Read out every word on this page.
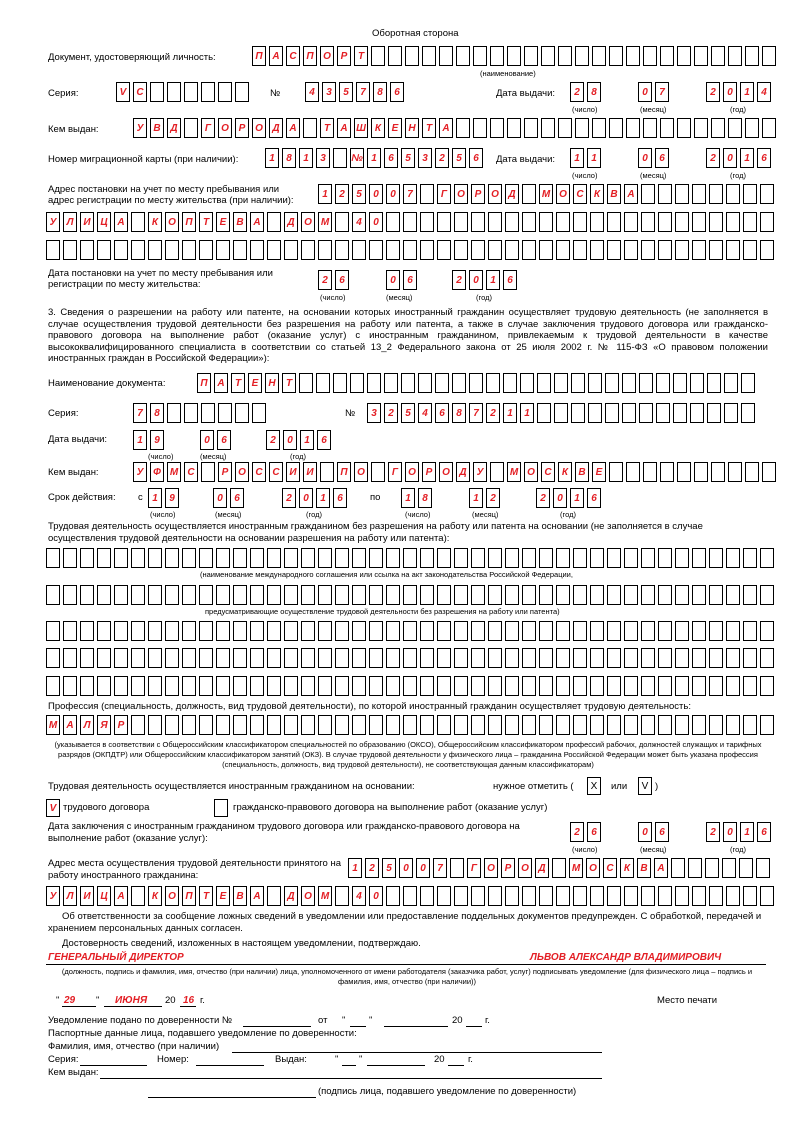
Оборотная сторона
Документ, удостоверяющий личность:	П А С П О Р	Т
(наименование)
Серия:	V	C	№	4	3	5	7	8	6	Дата выдачи:	2	8	0	7	2	0	1	4
(число)	(месяц)	(год)
Кем выдан:	У В Д	Г	О Р О Д А	Т	А Ш К	Е	Н	Т	А
Номер миграционной карты (при наличии):	1	8	1	3	№ 1	6	5	3	2	5	6	Дата выдачи:	1	1	0	6	2	0	1	6
(число)	(месяц)	(год)
Адрес постановки на учет по месту пребывания или адрес регистрации по месту жительства (при наличии):
1	2	5	0	0	7	Г	О Р О Д	М О С	К	В А
У	Л И Ц А	К	О П	Т	Е	В А	Д О М	4	0
Дата постановки на учет по месту пребывания или регистрации по месту жительства:	2	6	0	6	2	0	1	6
(число)	(месяц)	(год)
3. Сведения о разрешении на работу или патенте, на основании которых иностранный гражданин осуществляет трудовую деятельность (не заполняется в случае осуществления трудовой деятельности без разрешения на работу или патента, а также в случае заключения трудового договора или гражданско-правового договора на выполнение работ (оказание услуг) с иностранным гражданином, привлекаемым к трудовой деятельности в качестве высококвалифицированного специалиста в соответствии со статьей 13_2 Федерального закона от 25 июля 2002 г. № 115-ФЗ «О правовом положении иностранных граждан в Российской Федерации»):
Наименование документа:	П А	Т	Е	Н	Т
Серия:	7	8	№	3	2	5	4	6	8	7	2	1	1
Дата выдачи:	1	9	0	6	2	0	1	6
(число)	(месяц)	(год)
Кем выдан:	У Ф М С	Р О С С И И	П О	Г	О Р О Д	У	М О С	К	В	Е
Срок действия: с 1	9	0	6	2	0	1	6	по	1	8	1	2	2	0	1	6
(число)	(месяц)	(год)	(число)	(месяц)	(год)
Трудовая деятельность осуществляется иностранным гражданином без разрешения на работу или патента на основании (не заполняется в случае осуществления трудовой деятельности на основании разрешения на работу или патента):
(наименование международного соглашения или ссылка на акт законодательства Российской Федерации,
предусматривающие осуществление трудовой деятельности без разрешения на работу или патента)
Профессия (специальность, должность, вид трудовой деятельности), по которой иностранный гражданин осуществляет трудовую деятельность:
М А Л Я	Р
(указывается в соответствии с Общероссийским классификатором специальностей по образованию (ОКСО), Общероссийским классификатором профессий рабочих, должностей служащих и тарифных разрядов (ОКПДТР) или Общероссийским классификатором занятий (ОКЗ). В случае трудовой деятельности у физического лица – гражданина Российской Федерации может быть указана профессия (специальность, должность, вид трудовой деятельности), не соответствующая данным классификаторам)
Трудовая деятельность осуществляется иностранным гражданином на основании:	нужное отметить (	X	или	V )
V трудового договора	гражданско-правового договора на выполнение работ (оказание услуг)
Дата заключения с иностранным гражданином трудового договора или гражданско-правового договора на выполнение работ (оказание услуг):
2	6	0	6	2	0	1	6
(число)	(месяц)	(год)
Адрес места осуществления трудовой деятельности принятого на работу иностранного гражданина:
1	2	5	0	0	7	Г	О Р О Д	М О С	К	В А
У	Л И Ц А	К	О П	Т	Е	В А	Д О М	4	0
Об ответственности за сообщение ложных сведений в уведомлении или предоставление поддельных документов предупрежден. С обработкой, передачей и хранением персональных данных согласен.
Достоверность сведений, изложенных в настоящем уведомлении, подтверждаю.
ГЕНЕРАЛЬНЫЙ ДИРЕКТОР	ЛЬВОВ АЛЕКСАНДР ВЛАДИМИРОВИЧ
(должность, подпись и фамилия, имя, отчество (при наличии) лица, уполномоченного от имени работодателя (заказчика работ, услуг) подписывать уведомление (для физического лица – подпись и фамилия, имя, отчество (при наличии))
" 29 " ИЮНЯ 20 16 г.	Место печати
Уведомление подано по доверенности №	от " "	20 г.
Паспортные данные лица, подавшего уведомление по доверенности:
Фамилия, имя, отчество (при наличии)
Серия:	Номер:	Выдан:	" "	20 г.
Кем выдан:
(подпись лица, подавшего уведомление по доверенности)
